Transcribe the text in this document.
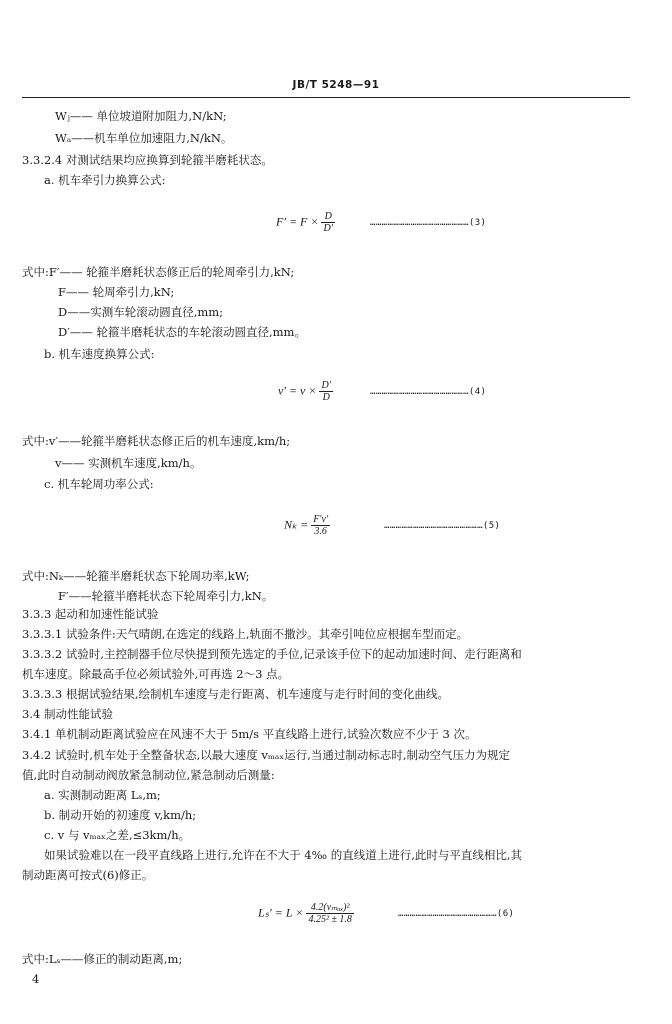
JB/T 5248—91
Wⱼ—— 单位坡道附加阻力,N/kN;
Wₐ——机车单位加速阻力,N/kN。
3.3.2.4 对测试结果均应换算到轮箍半磨耗状态。
a. 机车牵引力换算公式:
$F' = F \times \frac{D}{D'}$	……………………………………………(3)
式中:F′—— 轮箍半磨耗状态修正后的轮周牵引力,kN;
F—— 轮周牵引力,kN;
D——实测车轮滚动圆直径,mm;
D′—— 轮箍半磨耗状态的车轮滚动圆直径,mm。
b. 机车速度换算公式:
$v' = v \times \frac{D'}{D}$	……………………………………………(4)
式中:v′——轮箍半磨耗状态修正后的机车速度,km/h;
v—— 实测机车速度,km/h。
c. 机车轮周功率公式:
$N_k = \frac{F'v'}{3.6}$	……………………………………………(5)
式中:Nₖ——轮箍半磨耗状态下轮周功率,kW;
F′——轮箍半磨耗状态下轮周牵引力,kN。
3.3.3 起动和加速性能试验
3.3.3.1 试验条件:天气晴朗,在选定的线路上,轨面不撒沙。其牵引吨位应根据车型而定。
3.3.3.2 试验时,主控制器手位尽快提到预先选定的手位,记录该手位下的起动加速时间、走行距离和
机车速度。除最高手位必须试验外,可再选 2～3 点。
3.3.3.3 根据试验结果,绘制机车速度与走行距离、机车速度与走行时间的变化曲线。
3.4 制动性能试验
3.4.1 单机制动距离试验应在风速不大于 5m/s 平直线路上进行,试验次数应不少于 3 次。
3.4.2 试验时,机车处于全整备状态,以最大速度 vₘₐₓ运行,当通过制动标志时,制动空气压力为规定
值,此时自动制动阀放紧急制动位,紧急制动后测量:
a. 实测制动距离 Lₛ,m;
b. 制动开始的初速度 v,km/h;
c. v 与 vₘₐₓ之差,≤3km/h。
如果试验难以在一段平直线路上进行,允许在不大于 4‰ 的直线道上进行,此时与平直线相比,其
制动距离可按式(6)修正。
$L_s' = L \times \frac{\text{4.2(vₘₐₓ)²}}{\text{4.25² ± 1.8}}$	……………………………………………(6)
式中:Lₛ——修正的制动距离,m;
4
